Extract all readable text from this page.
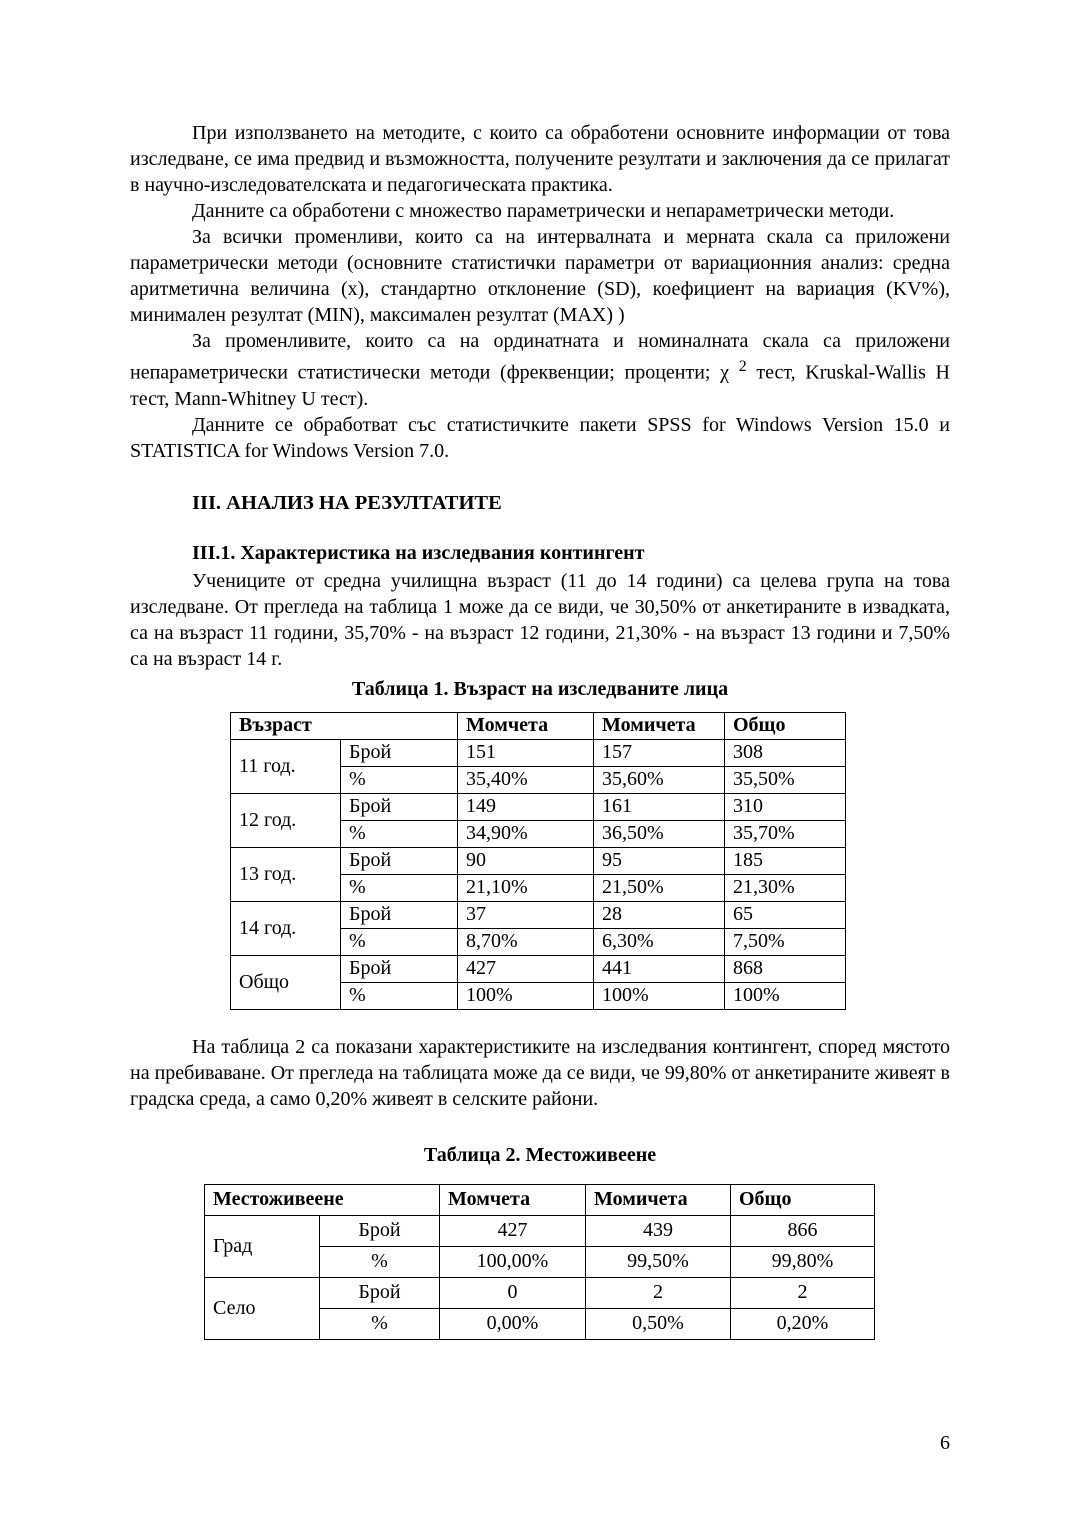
При използването на методите, с които са обработени основните информации от това изследване, се има предвид и възможността, получените резултати и заключения да се прилагат в научно-изследователската и педагогическата практика.

Данните са обработени с множество параметрически и непараметрически методи.

За всички променливи, които са на интервалната и мерната скала са приложени параметрически методи (основните статистички параметри от вариационния анализ: средна аритметична величина (х), стандартно отклонение (SD), коефициент на вариация (KV%), минимален резултат (MIN), максимален резултат (MAX) )

За променливите, които са на ординатната и номиналната скала са приложени непараметрически статистически методи (фреквенции; проценти; χ $^2$ тест, Kruskal-Wallis H тест, Mann-Whitney U тест).

Данните се обработват със статистичките пакети SPSS for Windows Version 15.0 и STATISTICA for Windows Version 7.0.

III. АНАЛИЗ НА РЕЗУЛТАТИТЕ

III.1. Характеристика на изследвания контингент

Учениците от средна училищна възраст (11 до 14 години) са целева група на това изследване. От прегледа на таблица 1 може да се види, че 30,50% от анкетираните в извадката, са на възраст 11 години, 35,70% - на възраст 12 години, 21,30% - на възраст 13 години и 7,50% са на възраст 14 г.

Таблица 1. Възраст на изследваните лица

Възраст		Момчета	Момичета	Общо
11 год.	Брой	151	157	308
	%	35,40%	35,60%	35,50%
12 год.	Брой	149	161	310
	%	34,90%	36,50%	35,70%
13 год.	Брой	90	95	185
	%	21,10%	21,50%	21,30%
14 год.	Брой	37	28	65
	%	8,70%	6,30%	7,50%
Общо	Брой	427	441	868
	%	100%	100%	100%

На таблица 2 са показани характеристиките на изследвания контингент, според мястото на пребиваване. От прегледа на таблицата може да се види, че 99,80% от анкетираните живеят в градска среда, а само 0,20% живеят в селските райони.

Таблица 2. Местоживеене

Местоживеене		Момчета	Момичета	Общо
Град	Брой	427	439	866
	%	100,00%	99,50%	99,80%
Село	Брой	0	2	2
	%	0,00%	0,50%	0,20%
6
